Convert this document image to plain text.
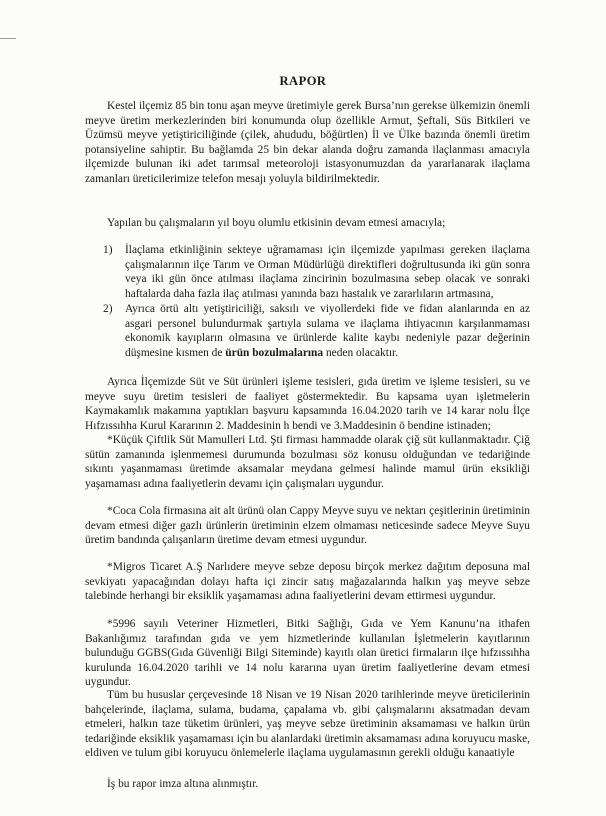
RAPOR

Kestel ilçemiz 85 bin tonu aşan meyve üretimiyle gerek Bursa’nın gerekse ülkemizin önemli meyve üretim merkezlerinden biri konumunda olup özellikle Armut, Şeftali, Süs Bitkileri ve Üzümsü meyve yetiştiriciliğinde (çilek, ahududu, böğürtlen) İl ve Ülke bazında önemli üretim potansiyeline sahiptir. Bu bağlamda 25 bin dekar alanda doğru zamanda ilaçlanması amacıyla ilçemizde bulunan iki adet tarımsal meteoroloji istasyonumuzdan da yararlanarak ilaçlama zamanları üreticilerimize telefon mesajı yoluyla bildirilmektedir.

Yapılan bu çalışmaların yıl boyu olumlu etkisinin devam etmesi amacıyla;

1)	İlaçlama etkinliğinin sekteye uğramaması için ilçemizde yapılması gereken ilaçlama çalışmalarının ilçe Tarım ve Orman Müdürlüğü direktifleri doğrultusunda iki gün sonra veya iki gün önce atılması ilaçlama zincirinin bozulmasına sebep olacak ve sonraki haftalarda daha fazla ilaç atılması yanında bazı hastalık ve zararlıların artmasına,
2)	Ayrıca örtü altı yetiştiriciliği, saksılı ve viyollerdeki fide ve fidan alanlarında en az asgari personel bulundurmak şartıyla sulama ve ilaçlama ihtiyacının karşılanmaması ekonomik kayıpların olmasına ve ürünlerde kalite kaybı nedeniyle pazar değerinin düşmesine kısmen de ürün bozulmalarına neden olacaktır.

Ayrıca İlçemizde Süt ve Süt ürünleri işleme tesisleri, gıda üretim ve işleme tesisleri, su ve meyve suyu üretim tesisleri de faaliyet göstermektedir. Bu kapsama uyan işletmelerin Kaymakamlık makamına yaptıkları başvuru kapsamında 16.04.2020 tarih ve 14 karar nolu İlçe Hıfzıssıhha Kurul Kararının 2. Maddesinin h bendi ve 3.Maddesinin ö bendine istinaden;

*Küçük Çiftlik Süt Mamulleri Ltd. Şti firması hammadde olarak çiğ süt kullanmaktadır. Çiğ sütün zamanında işlenmemesi durumunda bozulması söz konusu olduğundan ve tedariğinde sıkıntı yaşanmaması üretimde aksamalar meydana gelmesi halinde mamul ürün eksikliği yaşamaması adına faaliyetlerin devamı için çalışmaları uygundur.

*Coca Cola firmasına ait alt ürünü olan Cappy Meyve suyu ve nektarı çeşitlerinin üretiminin devam etmesi diğer gazlı ürünlerin üretiminin elzem olmaması neticesinde sadece Meyve Suyu üretim bandında çalışanların üretime devam etmesi uygundur.

*Migros Ticaret A.Ş Narlıdere meyve sebze deposu birçok merkez dağıtım deposuna mal sevkiyatı yapacağından dolayı hafta içi zincir satış mağazalarında halkın yaş meyve sebze talebinde herhangi bir eksiklik yaşamaması adına faaliyetlerini devam ettirmesi uygundur.

*5996 sayılı Veteriner Hizmetleri, Bitki Sağlığı, Gıda ve Yem Kanunu’na ithafen Bakanlığımız tarafından gıda ve yem hizmetlerinde kullanılan İşletmelerin kayıtlarının bulunduğu GGBS(Gıda Güvenliği Bilgi Siteminde) kayıtlı olan üretici firmaların ilçe hıfzıssıhha kurulunda 16.04.2020 tarihli ve 14 nolu kararına uyan üretim faaliyetlerine devam etmesi uygundur.

Tüm bu hususlar çerçevesinde 18 Nisan ve 19 Nisan 2020 tarihlerinde meyve üreticilerinin bahçelerinde, ilaçlama, sulama, budama, çapalama vb. gibi çalışmalarını aksatmadan devam etmeleri, halkın taze tüketim ürünleri, yaş meyve sebze üretiminin aksamaması ve halkın ürün tedariğinde eksiklik yaşamaması için bu alanlardaki üretimin aksamaması adına koruyucu maske, eldiven ve tulum gibi koruyucu önlemelerle ilaçlama uygulamasının gerekli olduğu kanaatiyle

İş bu rapor imza altına alınmıştır.
